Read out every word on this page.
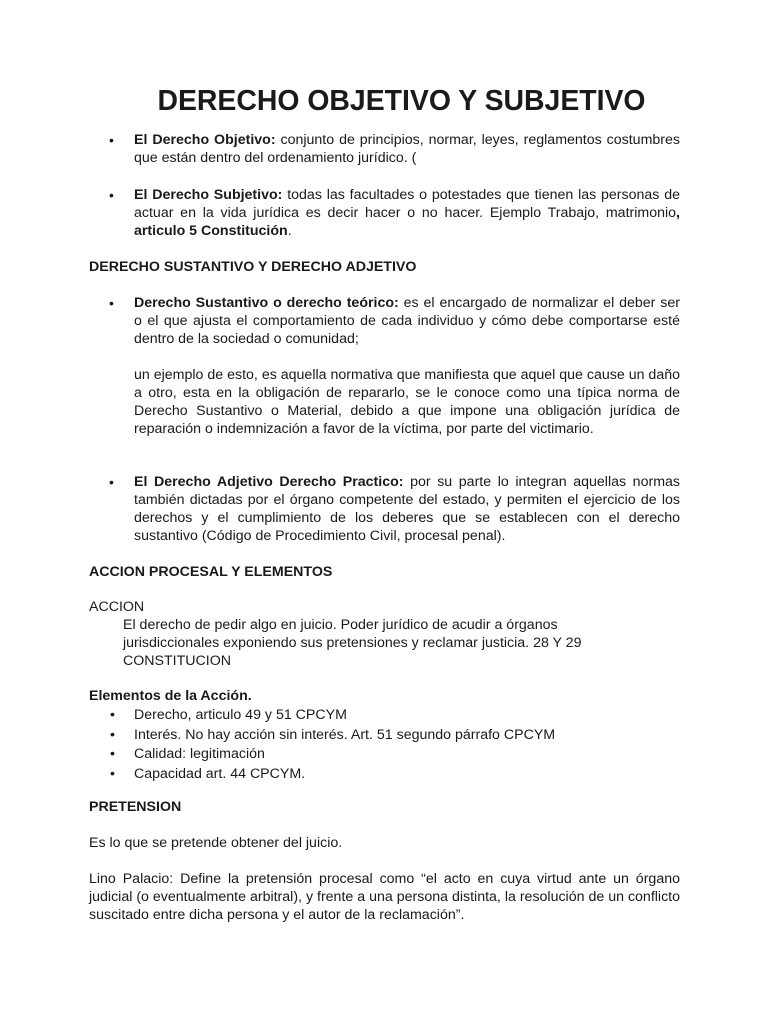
DERECHO OBJETIVO Y SUBJETIVO
• El Derecho Objetivo: conjunto de principios, normar, leyes, reglamentos costumbres que están dentro del ordenamiento jurídico. (

• El Derecho Subjetivo: todas las facultades o potestades que tienen las personas de actuar en la vida jurídica es decir hacer o no hacer. Ejemplo Trabajo, matrimonio, articulo 5 Constitución.

DERECHO SUSTANTIVO Y DERECHO ADJETIVO
• Derecho Sustantivo o derecho teórico: es el encargado de normalizar el deber ser o el que ajusta el comportamiento de cada individuo y cómo debe comportarse esté dentro de la sociedad o comunidad;

un ejemplo de esto, es aquella normativa que manifiesta que aquel que cause un daño a otro, esta en la obligación de repararlo, se le conoce como una típica norma de Derecho Sustantivo o Material, debido a que impone una obligación jurídica de reparación o indemnización a favor de la víctima, por parte del victimario.

• El Derecho Adjetivo Derecho Practico: por su parte lo integran aquellas normas también dictadas por el órgano competente del estado, y permiten el ejercicio de los derechos y el cumplimiento de los deberes que se establecen con el derecho sustantivo (Código de Procedimiento Civil, procesal penal).

ACCION PROCESAL Y ELEMENTOS

ACCION

El derecho de pedir algo en juicio. Poder jurídico de acudir a órganos jurisdiccionales exponiendo sus pretensiones y reclamar justicia. 28 Y 29 CONSTITUCION

Elementos de la Acción.

• Derecho, articulo 49 y 51 CPCYM
• Interés. No hay acción sin interés. Art. 51 segundo párrafo CPCYM
• Calidad: legitimación
• Capacidad art. 44 CPCYM.
PRETENSION

Es lo que se pretende obtener del juicio.

Lino Palacio: Define la pretensión procesal como “el acto en cuya virtud ante un órgano judicial (o eventualmente arbitral), y frente a una persona distinta, la resolución de un conflicto suscitado entre dicha persona y el autor de la reclamación”.
